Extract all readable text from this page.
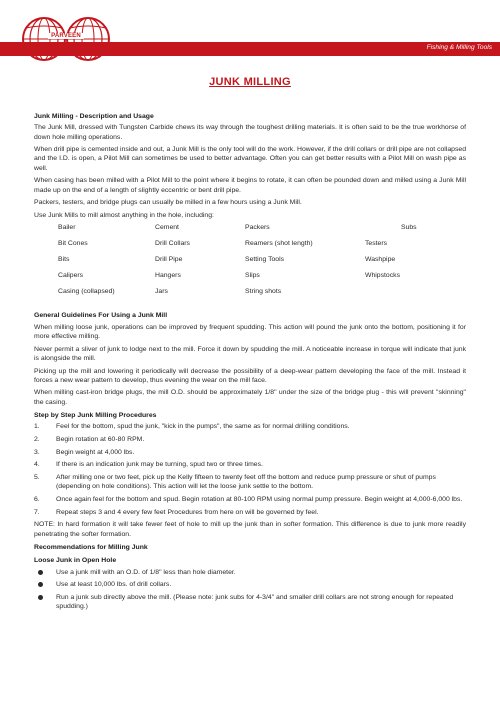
PARVEEN
Fishing & Milling Tools
JUNK MILLING
Junk Milling - Description and Usage
The Junk Mill, dressed with Tungsten Carbide chews its way through the toughest drilling materials. It is often said to be the true workhorse of down hole milling operations.
When drill pipe is cemented inside and out, a Junk Mill is the only tool will do the work. However, if the drill collars or drill pipe are not collapsed and the I.D. is open, a Pilot Mill can sometimes be used to better advantage. Often you can get better results with a Pilot Mill on wash pipe as well.
When casing has been milled with a Pilot Mill to the point where it begins to rotate, it can often be pounded down and milled using a Junk Mill made up on the end of a length of slightly eccentric or bent drill pipe.
Packers, testers, and bridge plugs can usually be milled in a few hours using a Junk Mill.
Use Junk Mills to mill almost anything in the hole, including:
Bailer	Cement	Packers	Subs
Bit Cones	Drill Collars	Reamers (shot length)	Testers
Bits	Drill Pipe	Setting Tools	Washpipe
Calipers	Hangers	Slips	Whipstocks
Casing (collapsed)	Jars	String shots
General Guidelines For Using a Junk Mill
When milling loose junk, operations can be improved by frequent spudding. This action will pound the junk onto the bottom, positioning it for more effective milling.
Never permit a sliver of junk to lodge next to the mill. Force it down by spudding the mill. A noticeable increase in torque will indicate that junk is alongside the mill.
Picking up the mill and lowering it periodically will decrease the possibility of a deep-wear pattern developing the face of the mill. Instead it forces a new wear pattern to develop, thus evening the wear on the mill face.
When milling cast-iron bridge plugs, the mill O.D. should be approximately 1/8" under the size of the bridge plug - this will prevent "skinning" the casing.
Step by Step Junk Milling Procedures
1. Feel for the bottom, spud the junk, "kick in the pumps", the same as for normal drilling conditions.
2. Begin rotation at 60-80 RPM.
3. Begin weight at 4,000 lbs.
4. If there is an indication junk may be turning, spud two or three times.
5. After milling one or two feet, pick up the Kelly fifteen to twenty feet off the bottom and reduce pump pressure or shut of pumps (depending on hole conditions). This action will let the loose junk settle to the bottom.
6. Once again feel for the bottom and spud. Begin rotation at 80-100 RPM using normal pump pressure. Begin weight at 4,000-6,000 lbs.
7. Repeat steps 3 and 4 every few feet Procedures from here on will be governed by feel.
NOTE: In hard formation it will take fewer feet of hole to mill up the junk than in softer formation. This difference is due to junk more readily penetrating the softer formation.
Recommendations for Milling Junk
Loose Junk in Open Hole
Use a junk mill with an O.D. of 1/8" less than hole diameter.
Use at least 10,000 lbs. of drill collars.
Run a junk sub directly above the mill. (Please note: junk subs for 4-3/4" and smaller drill collars are not strong enough for repeated spudding.)
